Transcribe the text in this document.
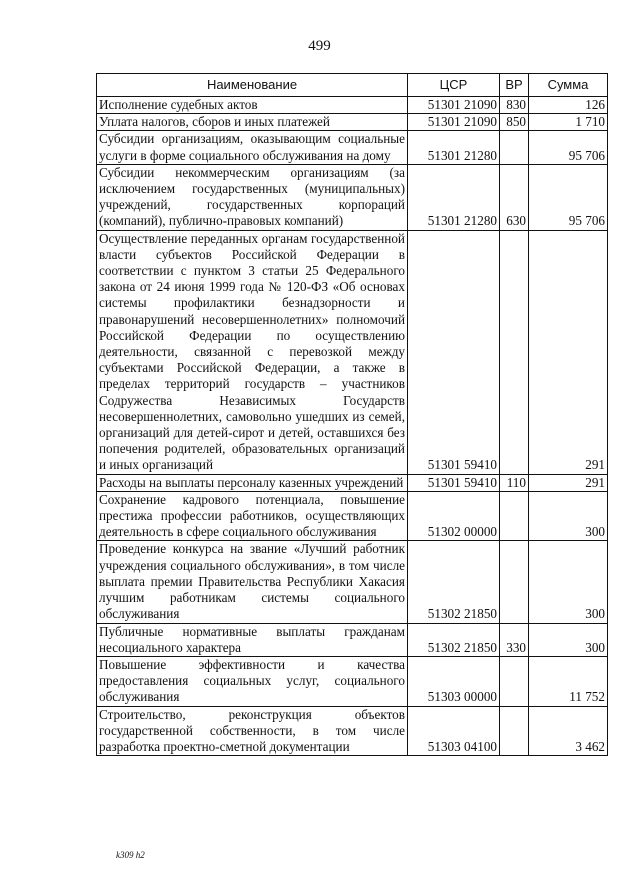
499
Наименование	ЦСР	ВР	Сумма
Исполнение судебных актов	51301 21090	830	126
Уплата налогов, сборов и иных платежей	51301 21090	850	1 710
Субсидии организациям, оказывающим социальные услуги в форме социального обслуживания на дому	51301 21280		95 706
Субсидии некоммерческим организациям (за исключением государственных (муниципальных) учреждений, государственных корпораций (компаний), публично-правовых компаний)	51301 21280	630	95 706
Осуществление переданных органам государственной власти субъектов Российской Федерации в соответствии с пунктом 3 статьи 25 Федерального закона от 24 июня 1999 года № 120-ФЗ «Об основах системы профилактики безнадзорности и правонарушений несовершеннолетних» полномочий Российской Федерации по осуществлению деятельности, связанной с перевозкой между субъектами Российской Федерации, а также в пределах территорий государств – участников Содружества Независимых Государств несовершеннолетних, самовольно ушедших из семей, организаций для детей-сирот и детей, оставшихся без попечения родителей, образовательных организаций и иных организаций	51301 59410		291
Расходы на выплаты персоналу казенных учреждений	51301 59410	110	291
Сохранение кадрового потенциала, повышение престижа профессии работников, осуществляющих деятельность в сфере социального обслуживания	51302 00000		300
Проведение конкурса на звание «Лучший работник учреждения социального обслуживания», в том числе выплата премии Правительства Республики Хакасия лучшим работникам системы социального обслуживания	51302 21850		300
Публичные нормативные выплаты гражданам несоциального характера	51302 21850	330	300
Повышение эффективности и качества предоставления социальных услуг, социального обслуживания	51303 00000		11 752
Строительство, реконструкция объектов государственной собственности, в том числе разработка проектно-сметной документации	51303 04100		3 462
k309 h2
